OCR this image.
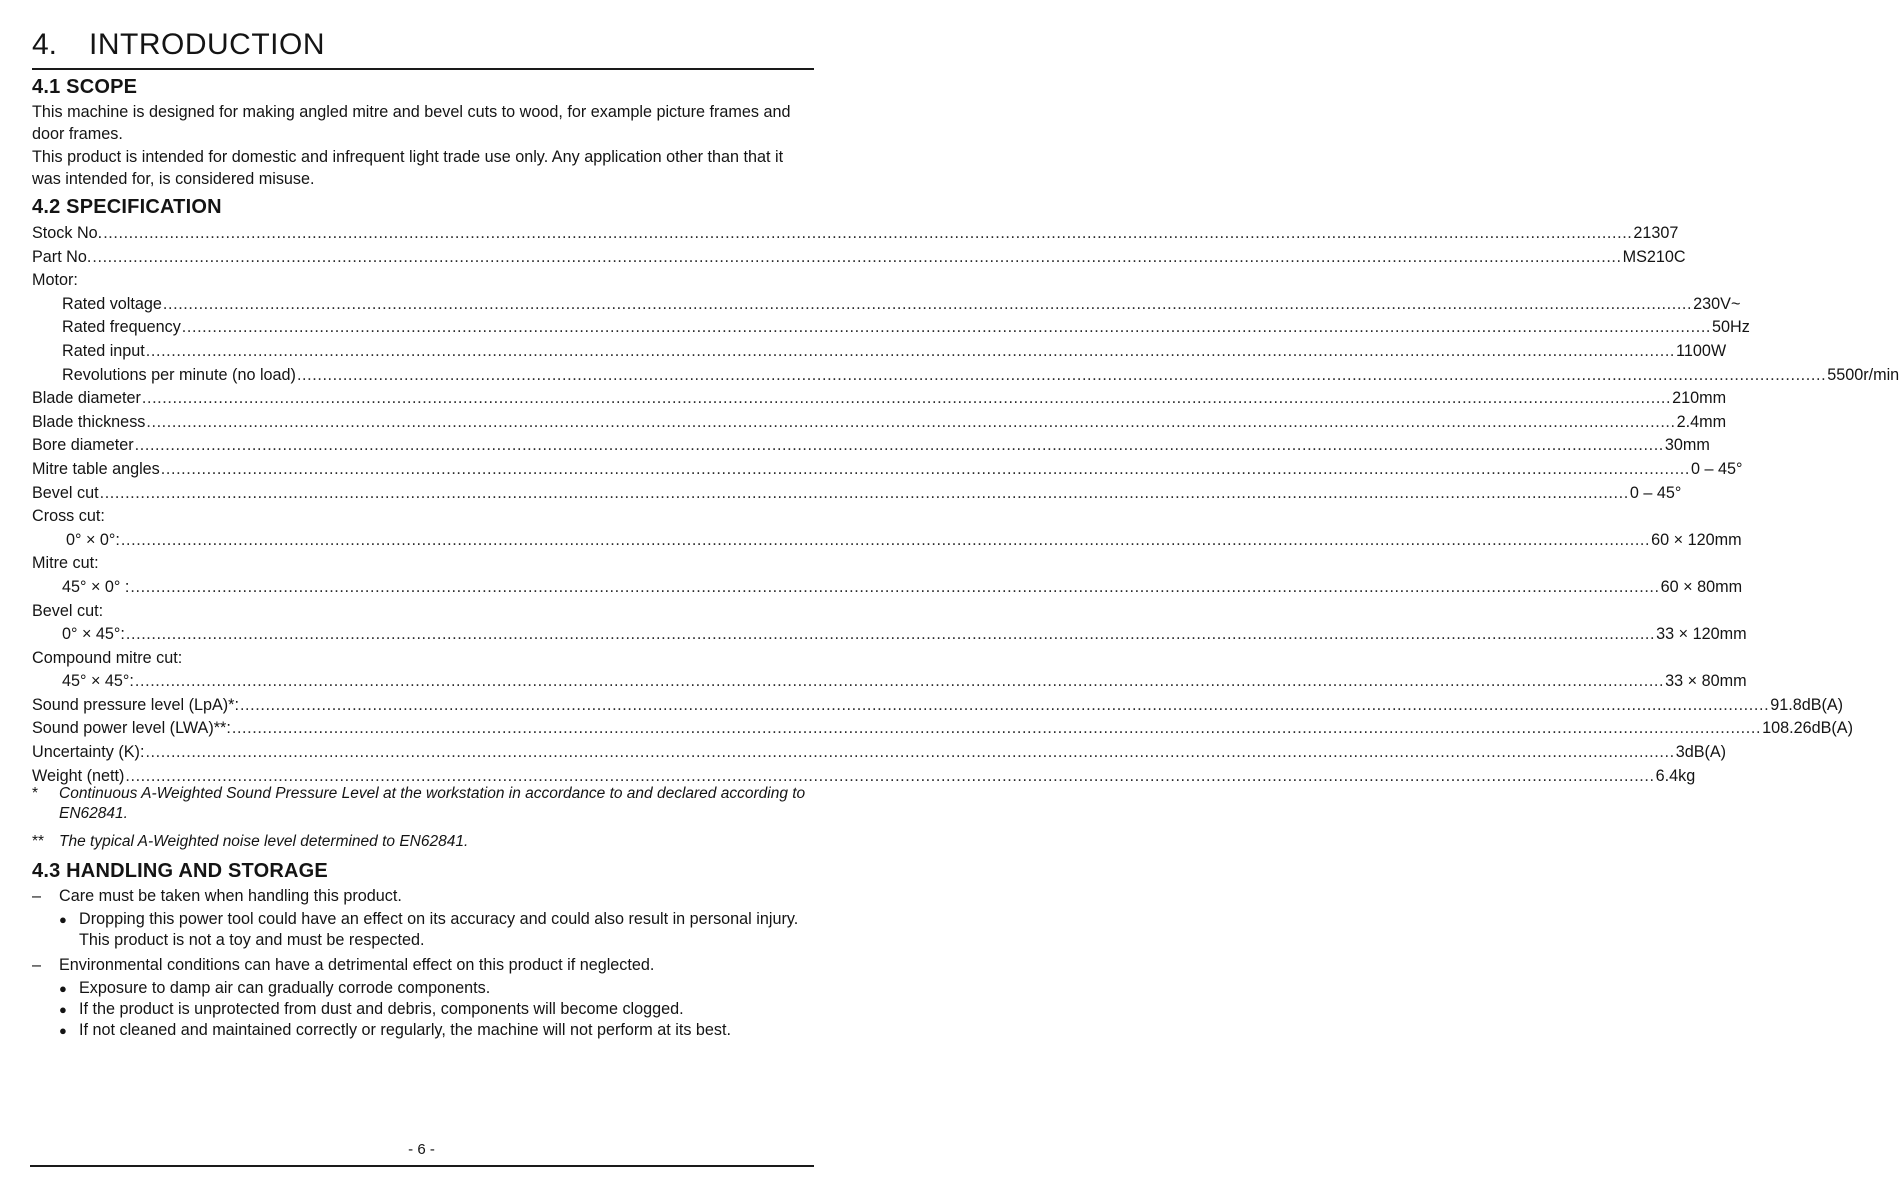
4. INTRODUCTION
4.1 SCOPE

This machine is designed for making angled mitre and bevel cuts to wood, for example picture frames and door frames.

This product is intended for domestic and infrequent light trade use only. Any application other than that it was intended for, is considered misuse.

4.2 SPECIFICATION
Stock No. ............................................................................................................................................................................................................................................................................................................ 21307
Part No. ............................................................................................................................................................................................................................................................................................................ MS210C
Motor:
Rated voltage ............................................................................................................................................................................................................................................................................................................ 230V~
Rated frequency ............................................................................................................................................................................................................................................................................................................ 50Hz
Rated input ............................................................................................................................................................................................................................................................................................................ 1100W
Revolutions per minute (no load) ............................................................................................................................................................................................................................................................................................................ 5500r/min
Blade diameter ............................................................................................................................................................................................................................................................................................................ 210mm
Blade thickness ............................................................................................................................................................................................................................................................................................................ 2.4mm
Bore diameter ............................................................................................................................................................................................................................................................................................................ 30mm
Mitre table angles ............................................................................................................................................................................................................................................................................................................ 0 – 45°
Bevel cut ............................................................................................................................................................................................................................................................................................................ 0 – 45°
Cross cut:
0° × 0°: ............................................................................................................................................................................................................................................................................................................ 60 × 120mm
Mitre cut:
45° × 0° : ............................................................................................................................................................................................................................................................................................................ 60 × 80mm
Bevel cut:
0° × 45°: ............................................................................................................................................................................................................................................................................................................ 33 × 120mm
Compound mitre cut:
45° × 45°: ............................................................................................................................................................................................................................................................................................................ 33 × 80mm
Sound pressure level (LpA)*: ............................................................................................................................................................................................................................................................................................................ 91.8dB(A)
Sound power level (LWA)**: ............................................................................................................................................................................................................................................................................................................ 108.26dB(A)
Uncertainty (K): ............................................................................................................................................................................................................................................................................................................ 3dB(A)
Weight (nett) ............................................................................................................................................................................................................................................................................................................ 6.4kg
* Continuous A-Weighted Sound Pressure Level at the workstation in accordance to and declared according to EN62841.
** The typical A-Weighted noise level determined to EN62841.
4.3 HANDLING AND STORAGE
– Care must be taken when handling this product.
● Dropping this power tool could have an effect on its accuracy and could also result in personal injury. This product is not a toy and must be respected.
– Environmental conditions can have a detrimental effect on this product if neglected.
● Exposure to damp air can gradually corrode components.
● If the product is unprotected from dust and debris, components will become clogged.
● If not cleaned and maintained correctly or regularly, the machine will not perform at its best.
- 6 -
